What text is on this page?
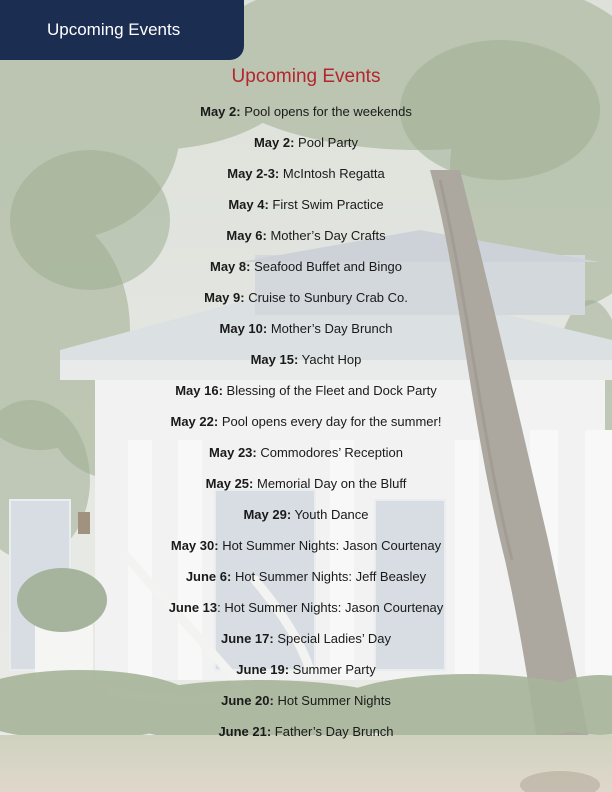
Upcoming Events
Upcoming Events
May 2: Pool opens for the weekends
May 2: Pool Party
May 2-3: McIntosh Regatta
May 4: First Swim Practice
May 6: Mother’s Day Crafts
May 8: Seafood Buffet and Bingo
May 9: Cruise to Sunbury Crab Co.
May 10: Mother’s Day Brunch
May 15: Yacht Hop
May 16: Blessing of the Fleet and Dock Party
May 22: Pool opens every day for the summer!
May 23: Commodores’ Reception
May 25: Memorial Day on the Bluff
May 29: Youth Dance
May 30: Hot Summer Nights: Jason Courtenay
June 6: Hot Summer Nights: Jeff Beasley
June 13: Hot Summer Nights: Jason Courtenay
June 17: Special Ladies’ Day
June 19: Summer Party
June 20: Hot Summer Nights
June 21: Father’s Day Brunch
